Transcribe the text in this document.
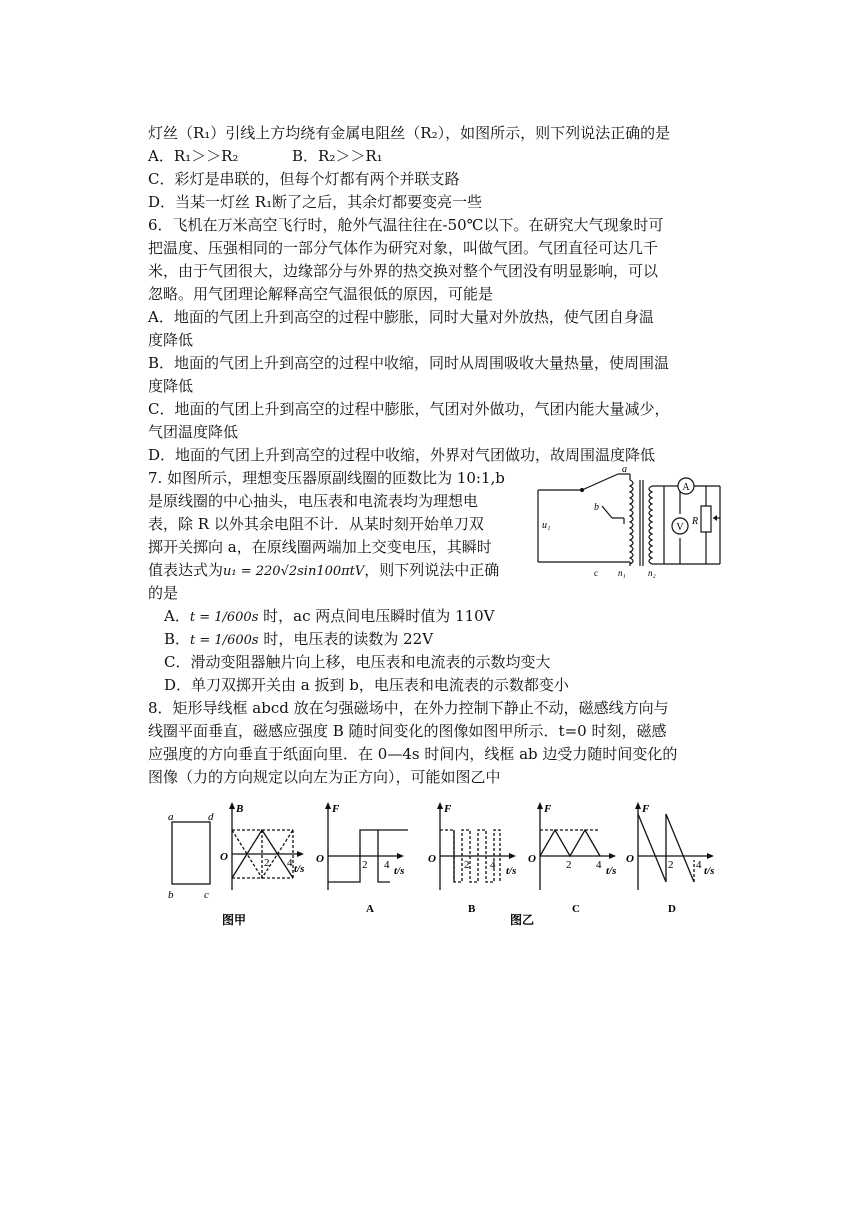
灯丝（R₁）引线上方均绕有金属电阻丝（R₂），如图所示，则下列说法正确的是
A．R₁＞＞R₂	B．R₂＞＞R₁
C．彩灯是串联的，但每个灯都有两个并联支路
D．当某一灯丝 R₁断了之后，其余灯都要变亮一些
6．飞机在万米高空飞行时，舱外气温往往在-50℃以下。在研究大气现象时可
把温度、压强相同的一部分气体作为研究对象，叫做气团。气团直径可达几千
米，由于气团很大，边缘部分与外界的热交换对整个气团没有明显影响，可以
忽略。用气团理论解释高空气温很低的原因，可能是
A．地面的气团上升到高空的过程中膨胀，同时大量对外放热，使气团自身温
度降低
B．地面的气团上升到高空的过程中收缩，同时从周围吸收大量热量，使周围温
度降低
C．地面的气团上升到高空的过程中膨胀，气团对外做功，气团内能大量减少，
气团温度降低
D．地面的气团上升到高空的过程中收缩，外界对气团做功，故周围温度降低
7. 如图所示，理想变压器原副线圈的匝数比为 10:1,b
是原线圈的中心抽头，电压表和电流表均为理想电
表，除 R 以外其余电阻不计．从某时刻开始单刀双
掷开关掷向 a，在原线圈两端加上交变电压，其瞬时
值表达式为u₁ = 220√2sin100πtV，则下列说法中正确
的是
A．t = 1/600s 时，ac 两点间电压瞬时值为 110V
B．t = 1/600s 时，电压表的读数为 22V
C．滑动变阻器触片向上移，电压表和电流表的示数均变大
D．单刀双掷开关由 a 扳到 b，电压表和电流表的示数都变小
A
V
R
a
b
c
u₁
n₁ n₂
8．矩形导线框 abcd 放在匀强磁场中，在外力控制下静止不动，磁感线方向与
线圈平面垂直，磁感应强度 B 随时间变化的图像如图甲所示．t=0 时刻，磁感
应强度的方向垂直于纸面向里．在 0—4s 时间内，线框 ab 边受力随时间变化的
图像（力的方向规定以向左为正方向），可能如图乙中
a	d
b	c
B
O	2 4 t/s
F
O	2 4 t/s
A
F
O	2 4 t/s
B
F
O	2 4 t/s
C
F
O	2 4 t/s
D
图甲	图乙
